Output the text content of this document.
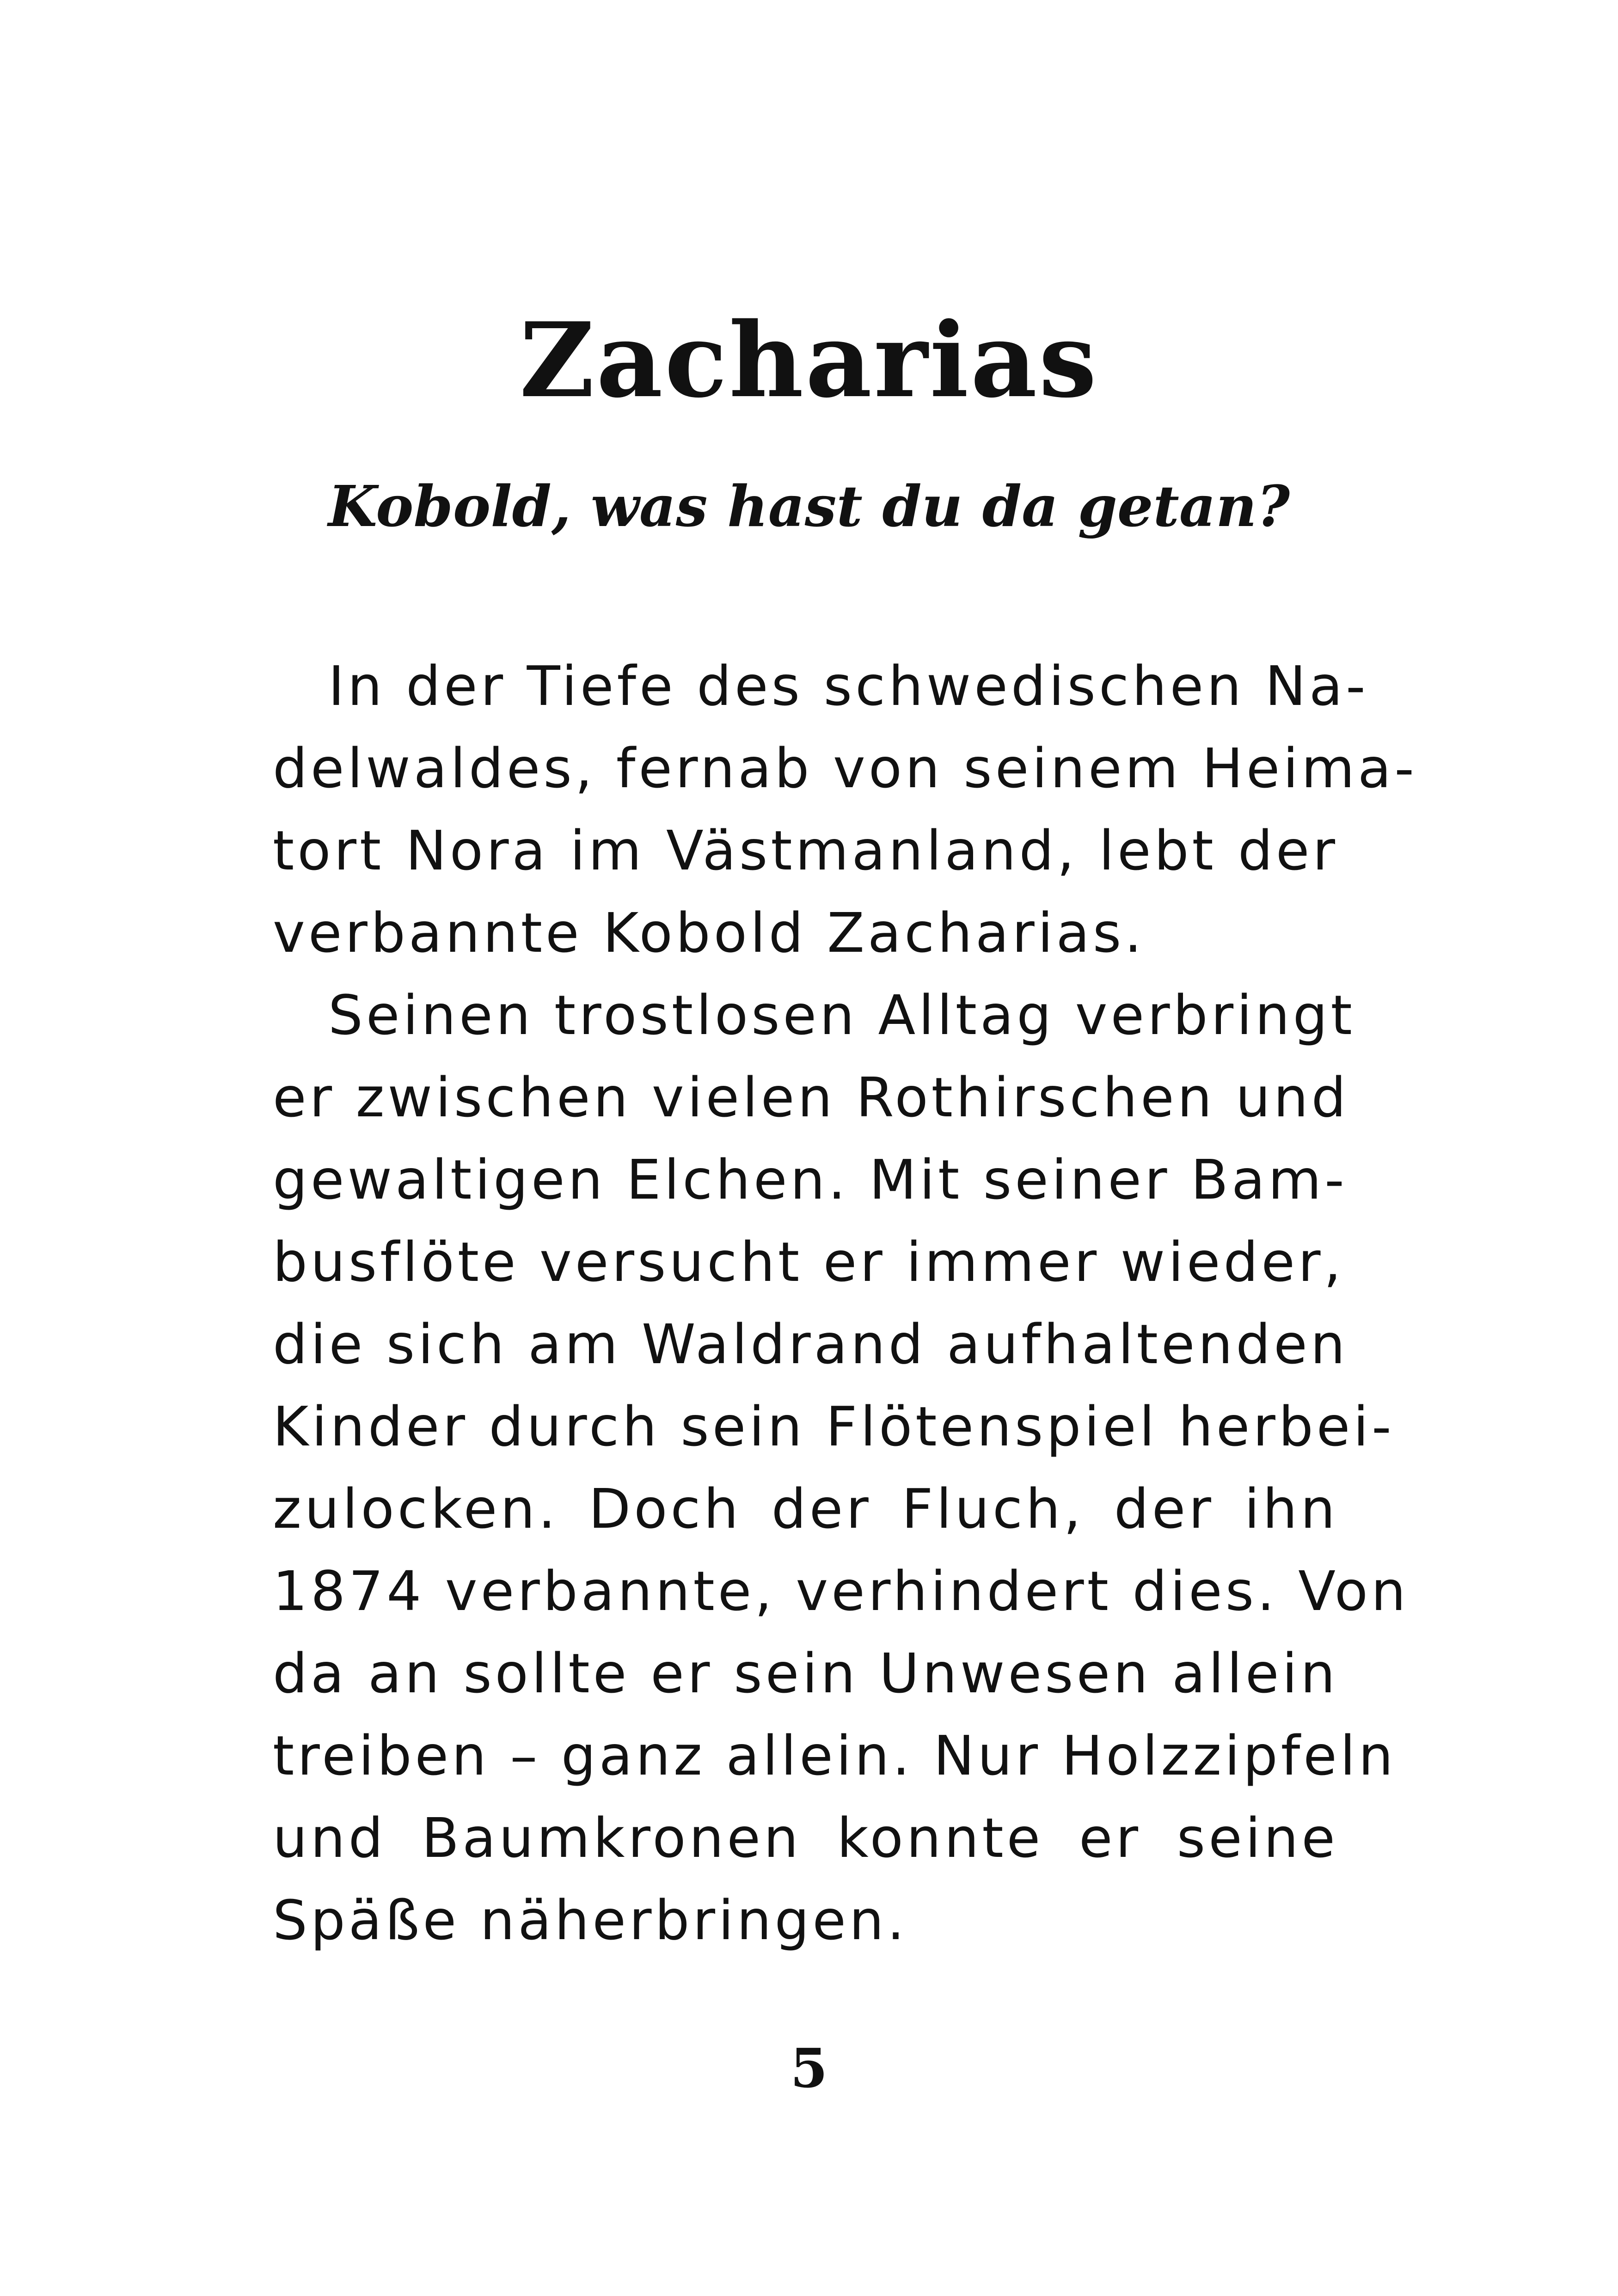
Zacharias
Kobold, was hast du da getan?
In der Tiefe des schwedischen Na-
delwaldes, fernab von seinem Heima-
tort Nora im Västmanland, lebt der
verbannte Kobold Zacharias.
Seinen trostlosen Alltag verbringt
er zwischen vielen Rothirschen und
gewaltigen Elchen. Mit seiner Bam-
busflöte versucht er immer wieder,
die sich am Waldrand aufhaltenden
Kinder durch sein Flötenspiel herbei-
zulocken. Doch der Fluch, der ihn
1874 verbannte, verhindert dies. Von
da an sollte er sein Unwesen allein
treiben – ganz allein. Nur Holzzipfeln
und Baumkronen konnte er seine
Späße näherbringen.
5
